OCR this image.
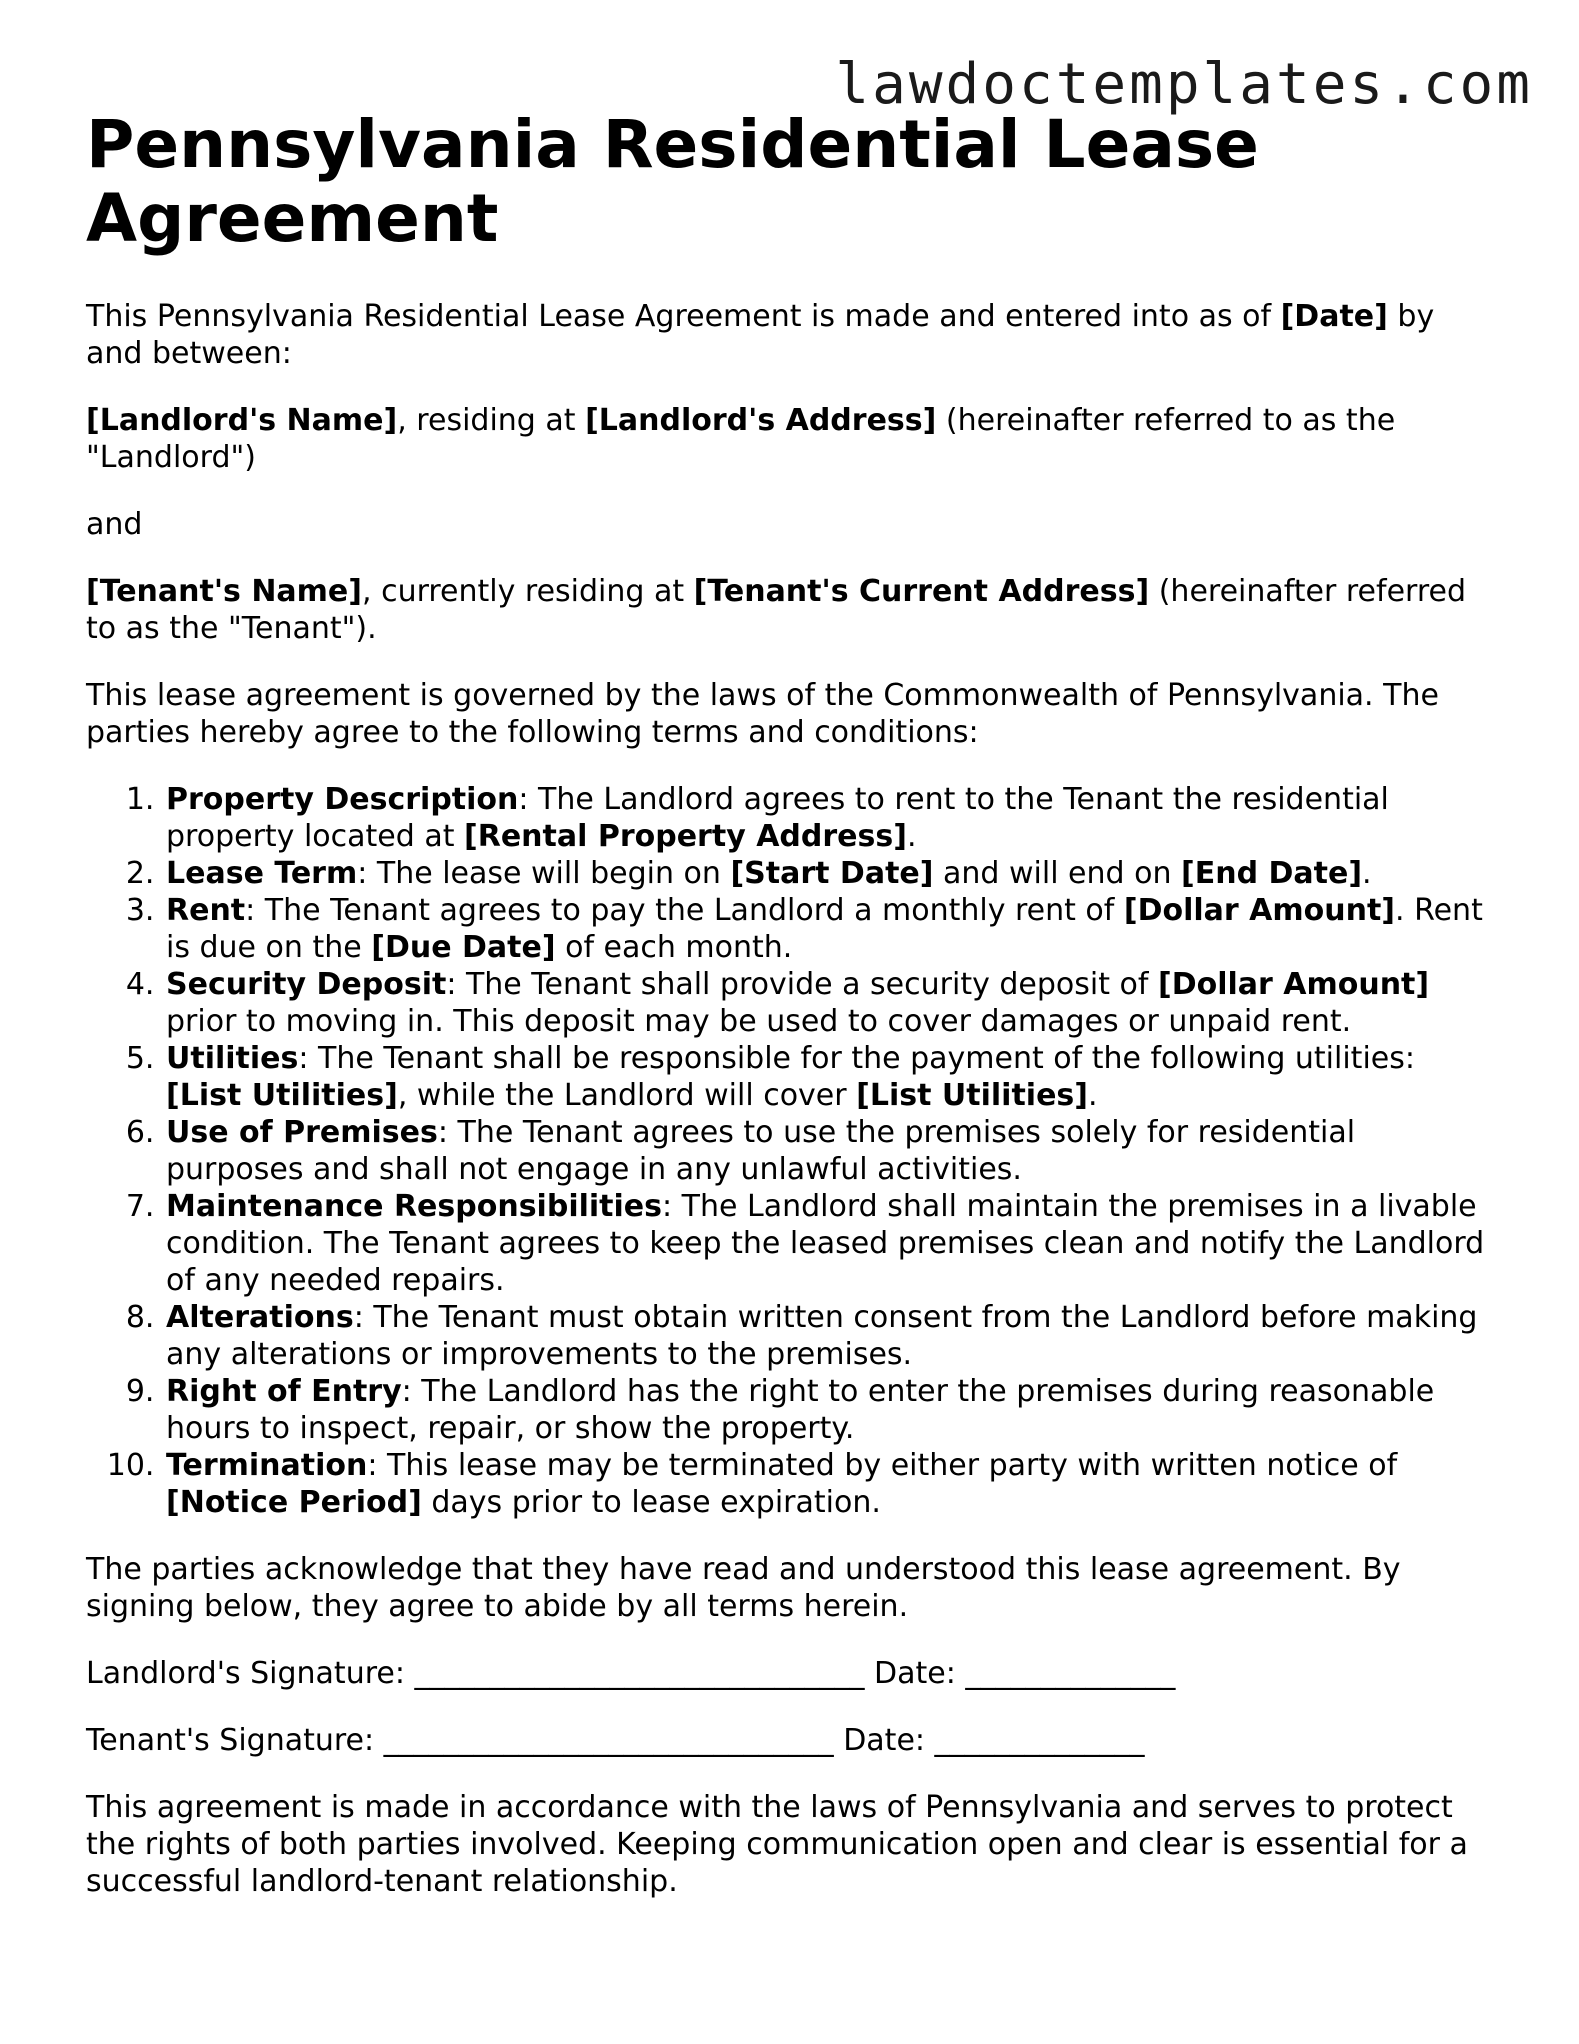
lawdoctemplates.com
Pennsylvania Residential Lease Agreement

This Pennsylvania Residential Lease Agreement is made and entered into as of [Date] by and between:

[Landlord's Name], residing at [Landlord's Address] (hereinafter referred to as the "Landlord")

and

[Tenant's Name], currently residing at [Tenant's Current Address] (hereinafter referred to as the "Tenant").

This lease agreement is governed by the laws of the Commonwealth of Pennsylvania. The parties hereby agree to the following terms and conditions:

1. Property Description: The Landlord agrees to rent to the Tenant the residential property located at [Rental Property Address].
2. Lease Term: The lease will begin on [Start Date] and will end on [End Date].
3. Rent: The Tenant agrees to pay the Landlord a monthly rent of [Dollar Amount]. Rent is due on the [Due Date] of each month.
4. Security Deposit: The Tenant shall provide a security deposit of [Dollar Amount] prior to moving in. This deposit may be used to cover damages or unpaid rent.
5. Utilities: The Tenant shall be responsible for the payment of the following utilities: [List Utilities], while the Landlord will cover [List Utilities].
6. Use of Premises: The Tenant agrees to use the premises solely for residential purposes and shall not engage in any unlawful activities.
7. Maintenance Responsibilities: The Landlord shall maintain the premises in a livable condition. The Tenant agrees to keep the leased premises clean and notify the Landlord of any needed repairs.
8. Alterations: The Tenant must obtain written consent from the Landlord before making any alterations or improvements to the premises.
9. Right of Entry: The Landlord has the right to enter the premises during reasonable hours to inspect, repair, or show the property.
10. Termination: This lease may be terminated by either party with written notice of [Notice Period] days prior to lease expiration.

The parties acknowledge that they have read and understood this lease agreement. By signing below, they agree to abide by all terms herein.

Landlord's Signature: ______________________________ Date: ______________

Tenant's Signature: ______________________________ Date: ______________

This agreement is made in accordance with the laws of Pennsylvania and serves to protect the rights of both parties involved. Keeping communication open and clear is essential for a successful landlord-tenant relationship.
